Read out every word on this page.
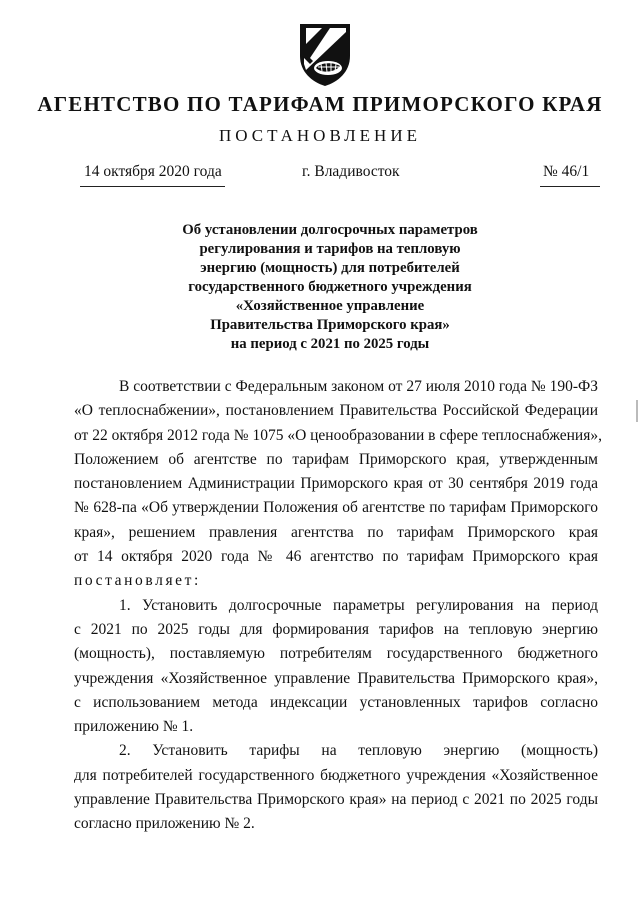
АГЕНТСТВО ПО ТАРИФАМ ПРИМОРСКОГО КРАЯ
ПОСТАНОВЛЕНИЕ
14 октября 2020 года	г. Владивосток	№ 46/1
Об установлении долгосрочных параметров
регулирования и тарифов на тепловую
энергию (мощность) для потребителей
государственного бюджетного учреждения
«Хозяйственное управление
Правительства Приморского края»
на период с 2021 по 2025 годы
В соответствии с Федеральным законом от 27 июля 2010 года № 190-ФЗ
«О теплоснабжении», постановлением Правительства Российской Федерации
от 22 октября 2012 года № 1075 «О ценообразовании в сфере теплоснабжения»,
Положением об агентстве по тарифам Приморского края, утвержденным
постановлением Администрации Приморского края от 30 сентября 2019 года
№ 628-па «Об утверждении Положения об агентстве по тарифам Приморского
края», решением правления агентства по тарифам Приморского края
от 14 октября 2020 года № 46 агентство по тарифам Приморского края
постановляет:
1. Установить долгосрочные параметры регулирования на период
с 2021 по 2025 годы для формирования тарифов на тепловую энергию
(мощность), поставляемую потребителям государственного бюджетного
учреждения «Хозяйственное управление Правительства Приморского края»,
с использованием метода индексации установленных тарифов согласно
приложению № 1.
2. Установить тарифы на тепловую энергию (мощность)
для потребителей государственного бюджетного учреждения «Хозяйственное
управление Правительства Приморского края» на период с 2021 по 2025 годы
согласно приложению № 2.
